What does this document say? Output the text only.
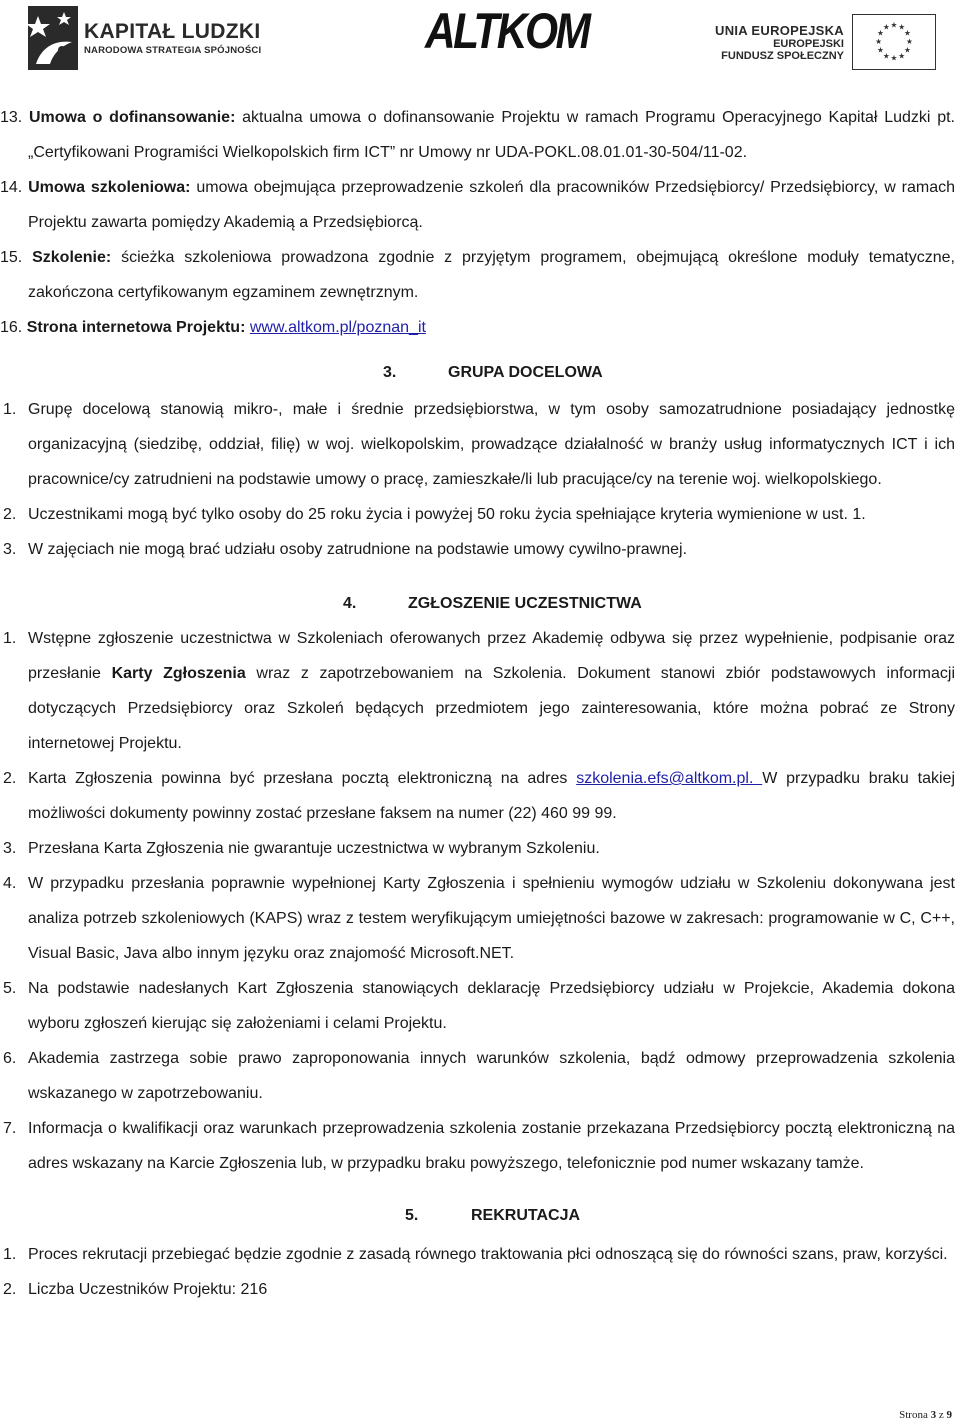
KAPITAŁ LUDZKI
NARODOWA STRATEGIA SPÓJNOŚCI	ALTKOM	UNIA EUROPEJSKA
EUROPEJSKI
FUNDUSZ SPOŁECZNY
★ ★
★
★
★
★
★
★
★
★
★
★
13. Umowa o dofinansowanie: aktualna umowa o dofinansowanie Projektu w ramach Programu Operacyjnego Kapitał Ludzki pt. „Certyfikowani Programiści Wielkopolskich firm ICT” nr Umowy nr UDA-POKL.08.01.01-30-504/11-02.
14. Umowa szkoleniowa: umowa obejmująca przeprowadzenie szkoleń dla pracowników Przedsiębiorcy/ Przedsiębiorcy, w ramach Projektu zawarta pomiędzy Akademią a Przedsiębiorcą.
15. Szkolenie: ścieżka szkoleniowa prowadzona zgodnie z przyjętym programem, obejmującą określone moduły tematyczne, zakończona certyfikowanym egzaminem zewnętrznym.
16. Strona internetowa Projektu: www.altkom.pl/poznan_it
3.	GRUPA DOCELOWA
1. Grupę docelową stanowią mikro-, małe i średnie przedsiębiorstwa, w tym osoby samozatrudnione posiadający jednostkę organizacyjną (siedzibę, oddział, filię) w woj. wielkopolskim, prowadzące działalność w branży usług informatycznych ICT i ich pracownice/cy zatrudnieni na podstawie umowy o pracę, zamieszkałe/li lub pracujące/cy na terenie woj. wielkopolskiego.
2. Uczestnikami mogą być tylko osoby do 25 roku życia i powyżej 50 roku życia spełniające kryteria wymienione w ust. 1.
3. W zajęciach nie mogą brać udziału osoby zatrudnione na podstawie umowy cywilno-prawnej.
4.	ZGŁOSZENIE UCZESTNICTWA
1. Wstępne zgłoszenie uczestnictwa w Szkoleniach oferowanych przez Akademię odbywa się przez wypełnienie, podpisanie oraz przesłanie Karty Zgłoszenia wraz z zapotrzebowaniem na Szkolenia. Dokument stanowi zbiór podstawowych informacji dotyczących Przedsiębiorcy oraz Szkoleń będących przedmiotem jego zainteresowania, które można pobrać ze Strony internetowej Projektu.
2. Karta Zgłoszenia powinna być przesłana pocztą elektroniczną na adres szkolenia.efs@altkom.pl. W przypadku braku takiej możliwości dokumenty powinny zostać przesłane faksem na numer (22) 460 99 99.
3. Przesłana Karta Zgłoszenia nie gwarantuje uczestnictwa w wybranym Szkoleniu.
4. W przypadku przesłania poprawnie wypełnionej Karty Zgłoszenia i spełnieniu wymogów udziału w Szkoleniu dokonywana jest analiza potrzeb szkoleniowych (KAPS) wraz z testem weryfikującym umiejętności bazowe w zakresach: programowanie w C, C++, Visual Basic, Java albo innym języku oraz znajomość Microsoft.NET.
5. Na podstawie nadesłanych Kart Zgłoszenia stanowiących deklarację Przedsiębiorcy udziału w Projekcie, Akademia dokona wyboru zgłoszeń kierując się założeniami i celami Projektu.
6. Akademia zastrzega sobie prawo zaproponowania innych warunków szkolenia, bądź odmowy przeprowadzenia szkolenia wskazanego w zapotrzebowaniu.
7. Informacja o kwalifikacji oraz warunkach przeprowadzenia szkolenia zostanie przekazana Przedsiębiorcy pocztą elektroniczną na adres wskazany na Karcie Zgłoszenia lub, w przypadku braku powyższego, telefonicznie pod numer wskazany tamże.
5.	REKRUTACJA
1. Proces rekrutacji przebiegać będzie zgodnie z zasadą równego traktowania płci odnoszącą się do równości szans, praw, korzyści.
2. Liczba Uczestników Projektu: 216
Strona 3 z 9
